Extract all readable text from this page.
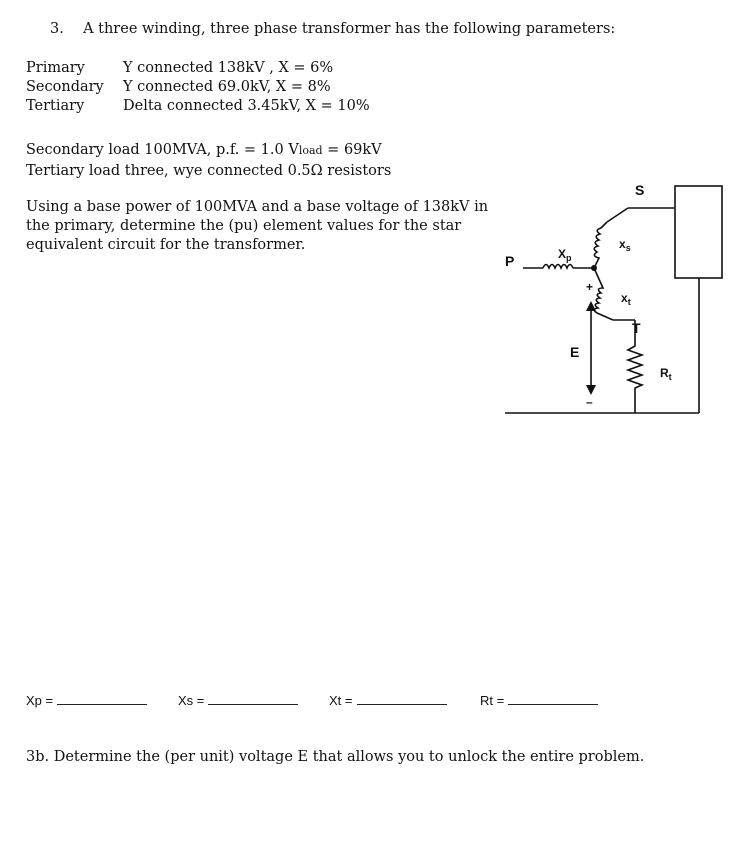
3. A three winding, three phase transformer has the following parameters:
Primary	Y connected 138kV , X = 6%
Secondary Y connected 69.0kV, X = 8%
Tertiary	Delta connected 3.45kV, X = 10%
Secondary load 100MVA, p.f. = 1.0 Vload = 69kV
Tertiary load three, wye connected 0.5Ω resistors
Using a base power of 100MVA and a base voltage of 138kV in
the primary, determine the (pu) element values for the star
equivalent circuit for the transformer.
P
S
T
E
$X_p$
$x_s$
$x_t$
$R_t$
+
–
Xp =	Xs =	Xt =	Rt =
3b. Determine the (per unit) voltage E that allows you to unlock the entire problem.
